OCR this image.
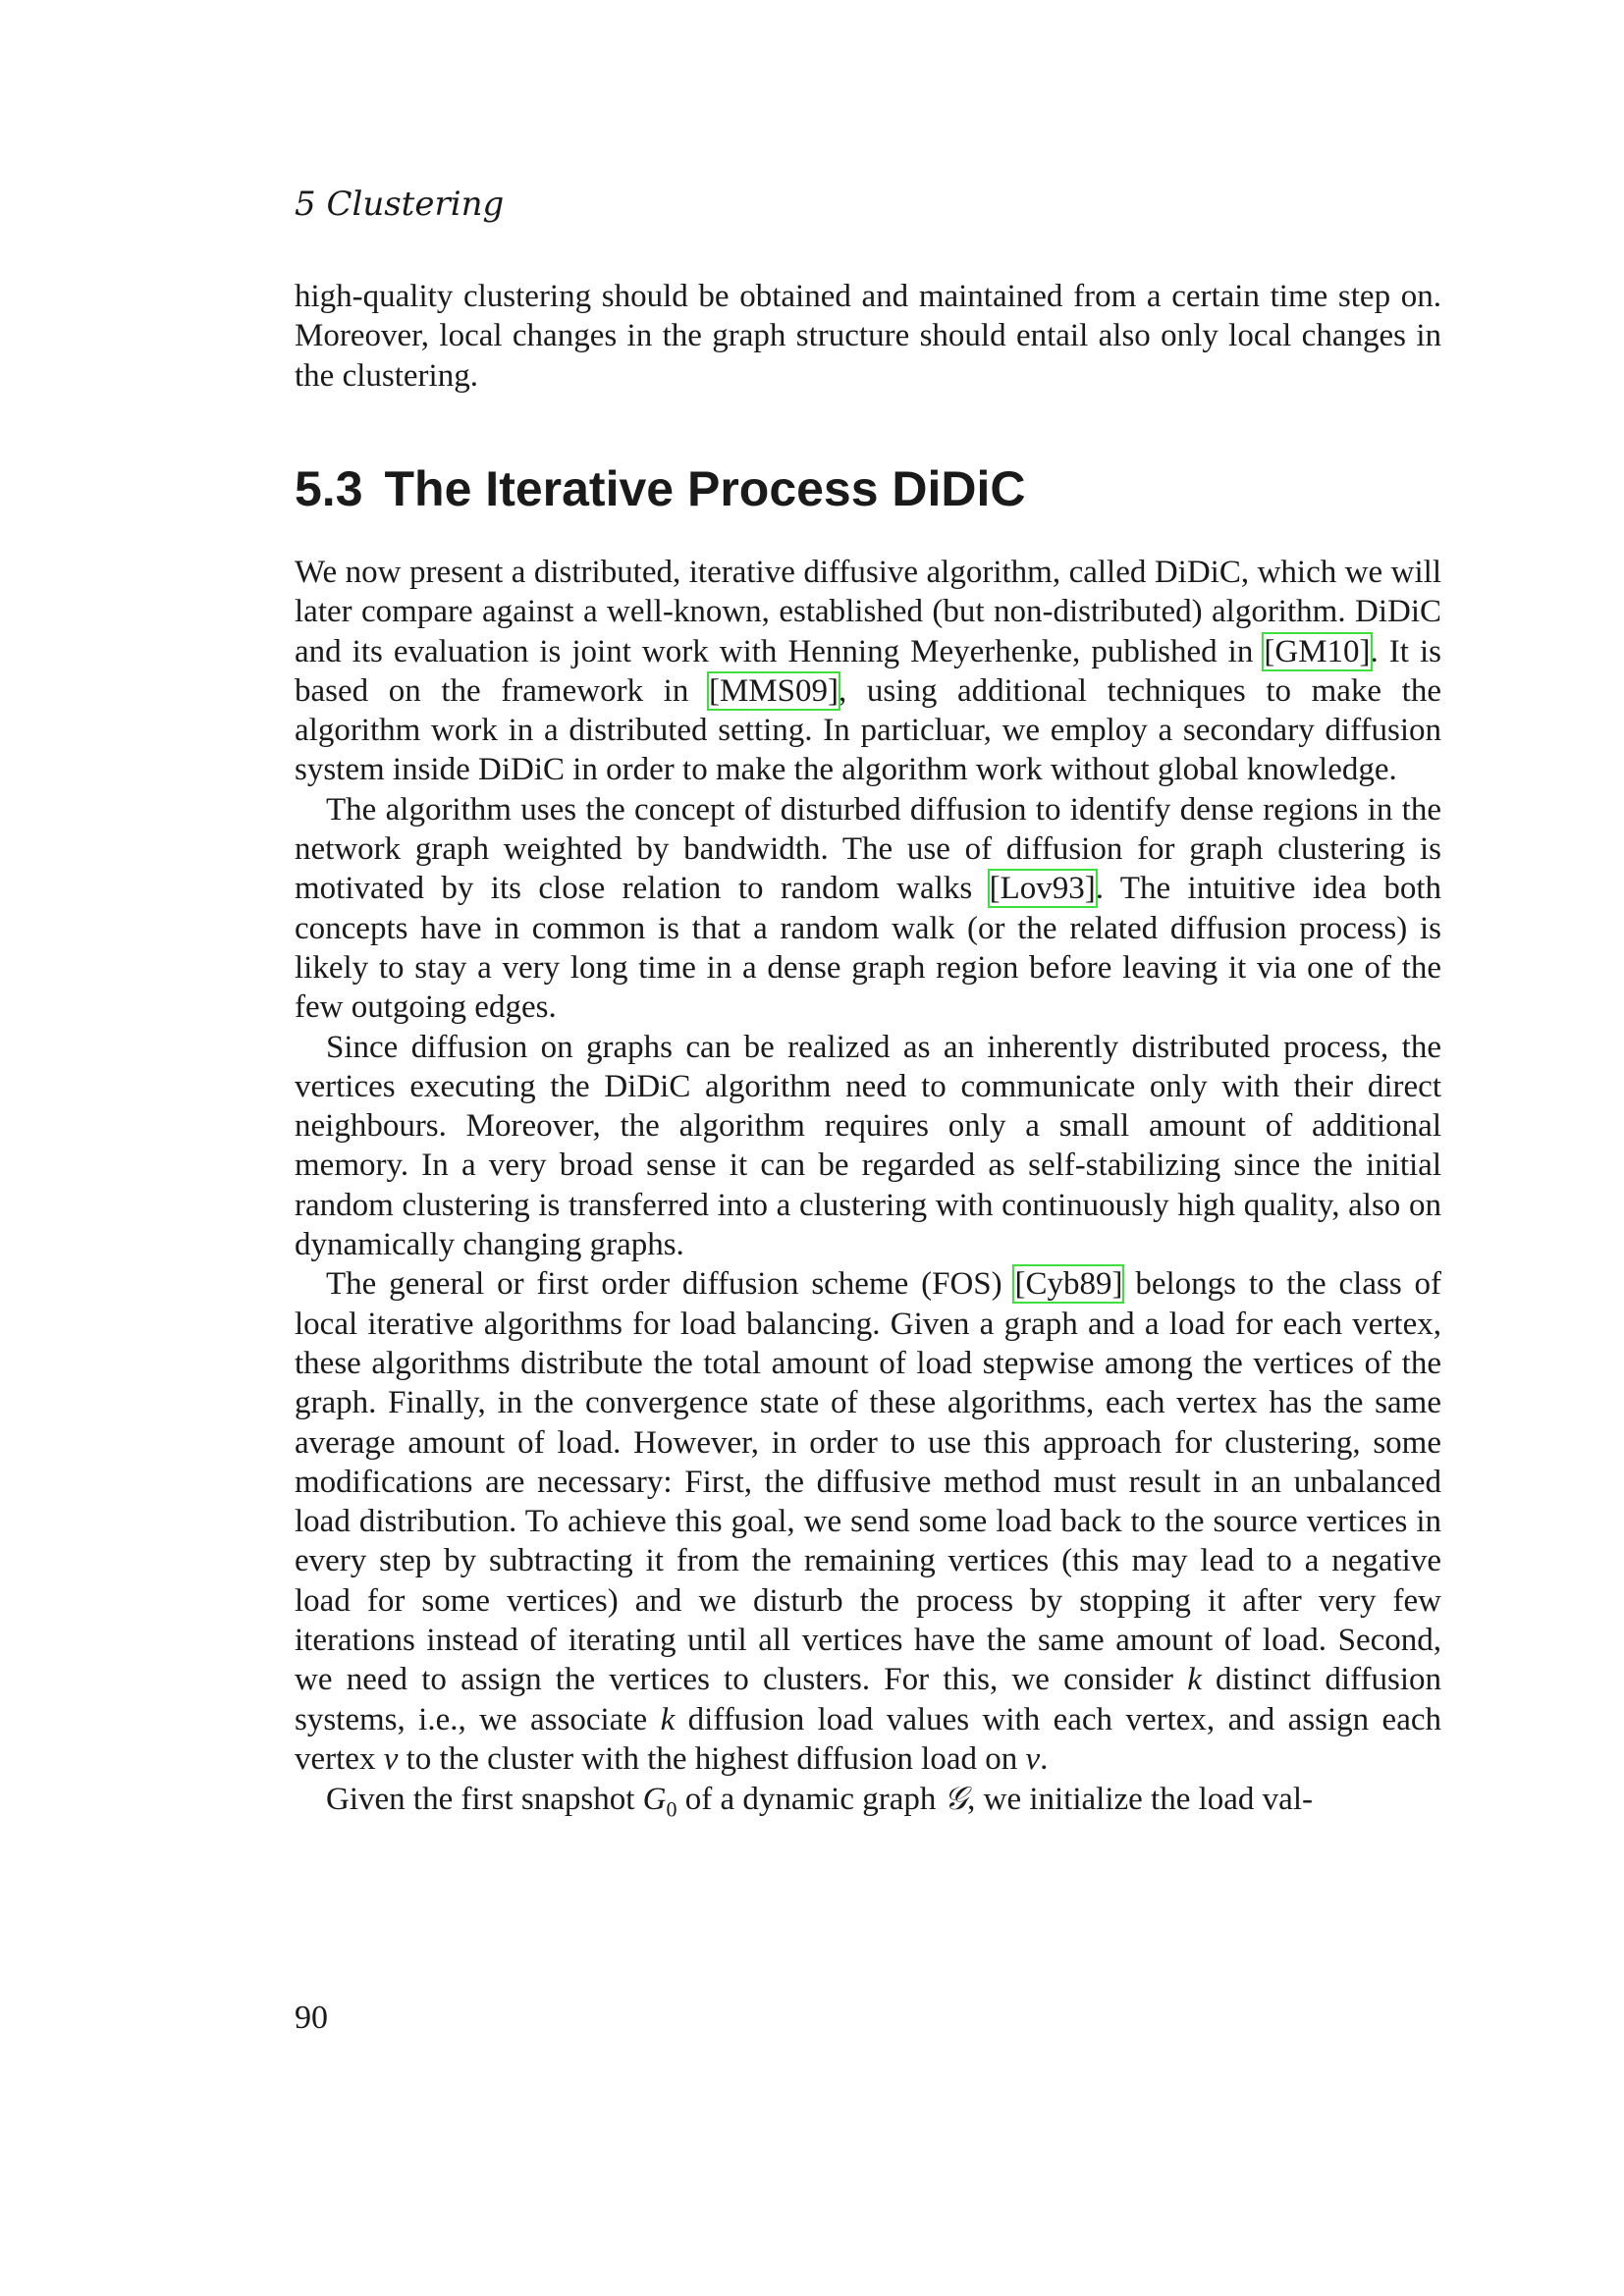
5 Clustering

high-quality clustering should be obtained and maintained from a certain time step on. Moreover, local changes in the graph structure should entail also only local changes in the clustering.

5.3 The Iterative Process DiDiC

We now present a distributed, iterative diffusive algorithm, called DiDiC, which we will later compare against a well-known, established (but non-distributed) algorithm. DiDiC and its evaluation is joint work with Henning Meyerhenke, published in [GM10]. It is based on the framework in [MMS09], using additional techniques to make the algorithm work in a distributed setting. In particluar, we employ a secondary diffusion system inside DiDiC in order to make the algorithm work without global knowledge.

The algorithm uses the concept of disturbed diffusion to identify dense regions in the network graph weighted by bandwidth. The use of diffusion for graph clustering is motivated by its close relation to random walks [Lov93]. The intuitive idea both concepts have in common is that a random walk (or the related diffusion process) is likely to stay a very long time in a dense graph region before leaving it via one of the few outgoing edges.

Since diffusion on graphs can be realized as an inherently distributed process, the vertices executing the DiDiC algorithm need to communicate only with their direct neighbours. Moreover, the algorithm requires only a small amount of additional memory. In a very broad sense it can be regarded as self-stabilizing since the initial random clustering is transferred into a clustering with continuously high quality, also on dynamically changing graphs.

The general or first order diffusion scheme (FOS) [Cyb89] belongs to the class of local iterative algorithms for load balancing. Given a graph and a load for each vertex, these algorithms distribute the total amount of load stepwise among the vertices of the graph. Finally, in the convergence state of these algorithms, each vertex has the same average amount of load. However, in order to use this approach for clustering, some modifications are necessary: First, the diffusive method must result in an unbalanced load distribution. To achieve this goal, we send some load back to the source vertices in every step by subtracting it from the remaining vertices (this may lead to a negative load for some vertices) and we disturb the process by stopping it after very few iterations instead of iterating until all vertices have the same amount of load. Second, we need to assign the vertices to clusters. For this, we consider k distinct diffusion systems, i.e., we associate k diffusion load values with each vertex, and assign each vertex v to the cluster with the highest diffusion load on v.

Given the first snapshot $G_0$ of a dynamic graph 𝒢, we initialize the load val-

90
